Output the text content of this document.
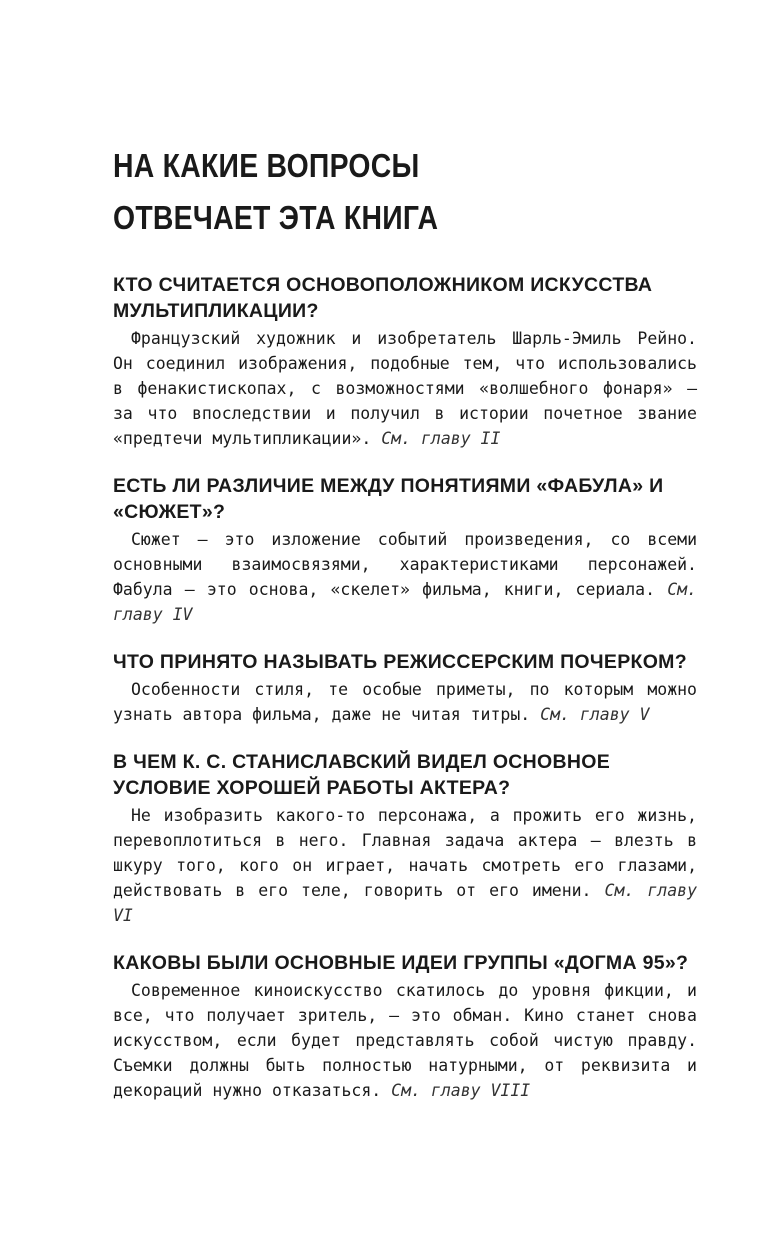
НА КАКИЕ ВОПРОСЫ
ОТВЕЧАЕТ ЭТА КНИГА
КТО СЧИТАЕТСЯ ОСНОВОПОЛОЖНИКОМ ИСКУССТВА МУЛЬТИПЛИКАЦИИ?

Французский художник и изобретатель Шарль-Эмиль Рейно. Он соединил изображения, подобные тем, что использовались в фенакистископах, с возможностями «волшебного фонаря» — за что впоследствии и получил в истории почетное звание «предтечи мультипликации». См. главу II

ЕСТЬ ЛИ РАЗЛИЧИЕ МЕЖДУ ПОНЯТИЯМИ «ФАБУЛА» И «СЮЖЕТ»?

Сюжет — это изложение событий произведения, со всеми основными взаимосвязями, характеристиками персонажей. Фабула — это основа, «скелет» фильма, книги, сериала. См. главу IV

ЧТО ПРИНЯТО НАЗЫВАТЬ РЕЖИССЕРСКИМ ПОЧЕРКОМ?

Особенности стиля, те особые приметы, по которым можно узнать автора фильма, даже не читая титры. См. главу V

В ЧЕМ К. С. СТАНИСЛАВСКИЙ ВИДЕЛ ОСНОВНОЕ УСЛОВИЕ ХОРОШЕЙ РАБОТЫ АКТЕРА?

Не изобразить какого-то персонажа, а прожить его жизнь, перевоплотиться в него. Главная задача актера — влезть в шкуру того, кого он играет, начать смотреть его глазами, действовать в его теле, говорить от его имени. См. главу VI

КАКОВЫ БЫЛИ ОСНОВНЫЕ ИДЕИ ГРУППЫ «ДОГМА 95»?

Современное киноискусство скатилось до уровня фикции, и все, что получает зритель, — это обман. Кино станет снова искусством, если будет представлять собой чистую правду. Съемки должны быть полностью натурными, от реквизита и декораций нужно отказаться. См. главу VIII
